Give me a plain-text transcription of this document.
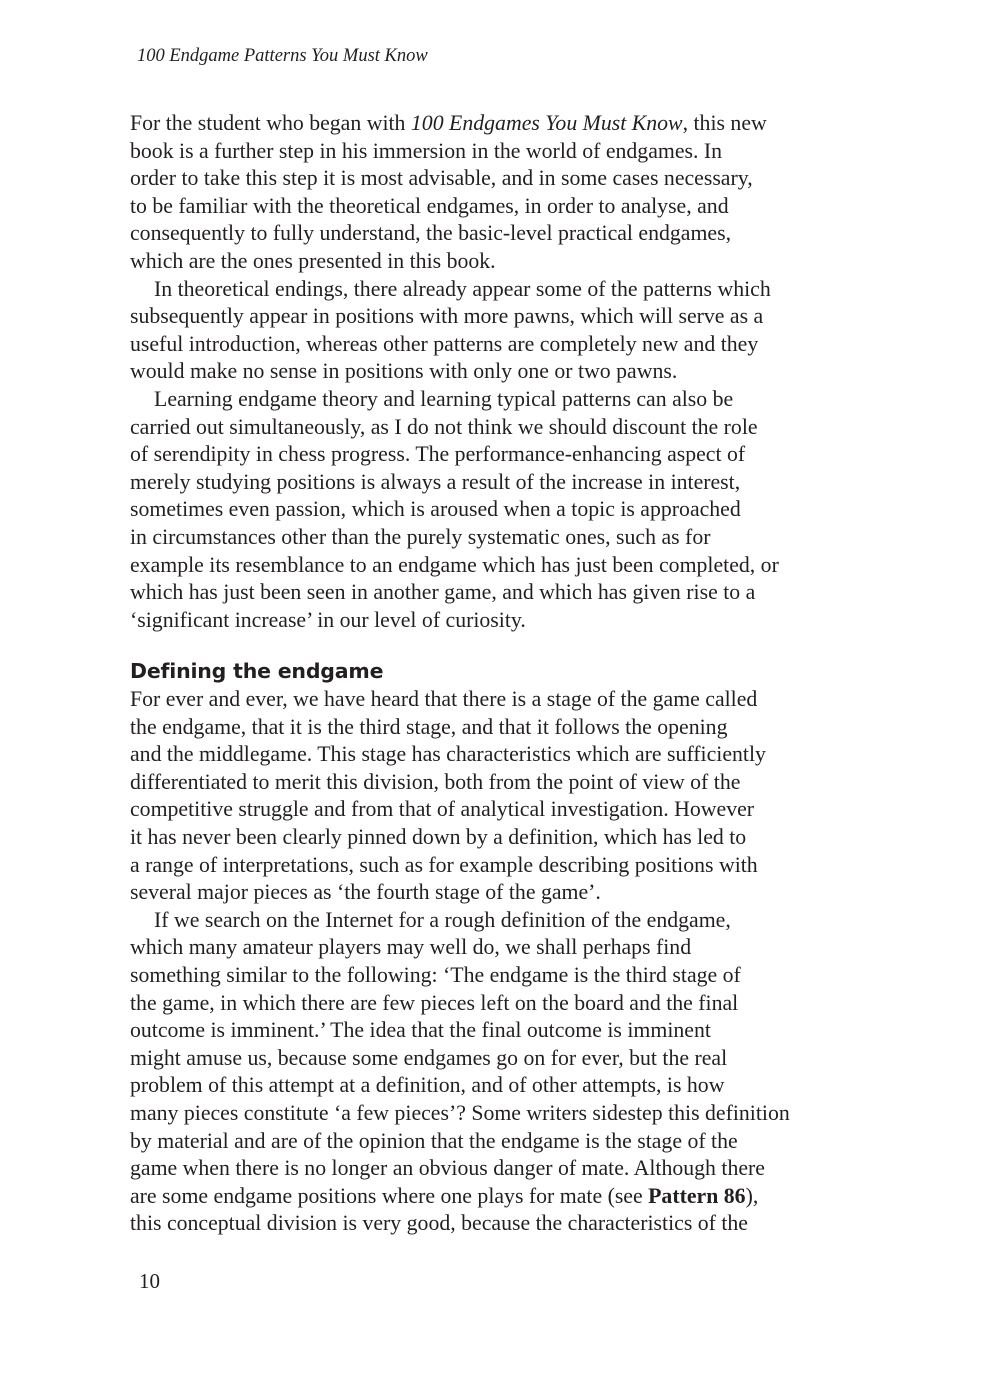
100 Endgame Patterns You Must Know
For the student who began with 100 Endgames You Must Know, this new
book is a further step in his immersion in the world of endgames. In
order to take this step it is most advisable, and in some cases necessary,
to be familiar with the theoretical endgames, in order to analyse, and
consequently to fully understand, the basic-level practical endgames,
which are the ones presented in this book.
In theoretical endings, there already appear some of the patterns which
subsequently appear in positions with more pawns, which will serve as a
useful introduction, whereas other patterns are completely new and they
would make no sense in positions with only one or two pawns.
Learning endgame theory and learning typical patterns can also be
carried out simultaneously, as I do not think we should discount the role
of serendipity in chess progress. The performance-enhancing aspect of
merely studying positions is always a result of the increase in interest,
sometimes even passion, which is aroused when a topic is approached
in circumstances other than the purely systematic ones, such as for
example its resemblance to an endgame which has just been completed, or
which has just been seen in another game, and which has given rise to a
‘significant increase’ in our level of curiosity.
Defining the endgame
For ever and ever, we have heard that there is a stage of the game called
the endgame, that it is the third stage, and that it follows the opening
and the middlegame. This stage has characteristics which are sufficiently
differentiated to merit this division, both from the point of view of the
competitive struggle and from that of analytical investigation. However
it has never been clearly pinned down by a definition, which has led to
a range of interpretations, such as for example describing positions with
several major pieces as ‘the fourth stage of the game’.
If we search on the Internet for a rough definition of the endgame,
which many amateur players may well do, we shall perhaps find
something similar to the following: ‘The endgame is the third stage of
the game, in which there are few pieces left on the board and the final
outcome is imminent.’ The idea that the final outcome is imminent
might amuse us, because some endgames go on for ever, but the real
problem of this attempt at a definition, and of other attempts, is how
many pieces constitute ‘a few pieces’? Some writers sidestep this definition
by material and are of the opinion that the endgame is the stage of the
game when there is no longer an obvious danger of mate. Although there
are some endgame positions where one plays for mate (see Pattern 86),
this conceptual division is very good, because the characteristics of the
10
